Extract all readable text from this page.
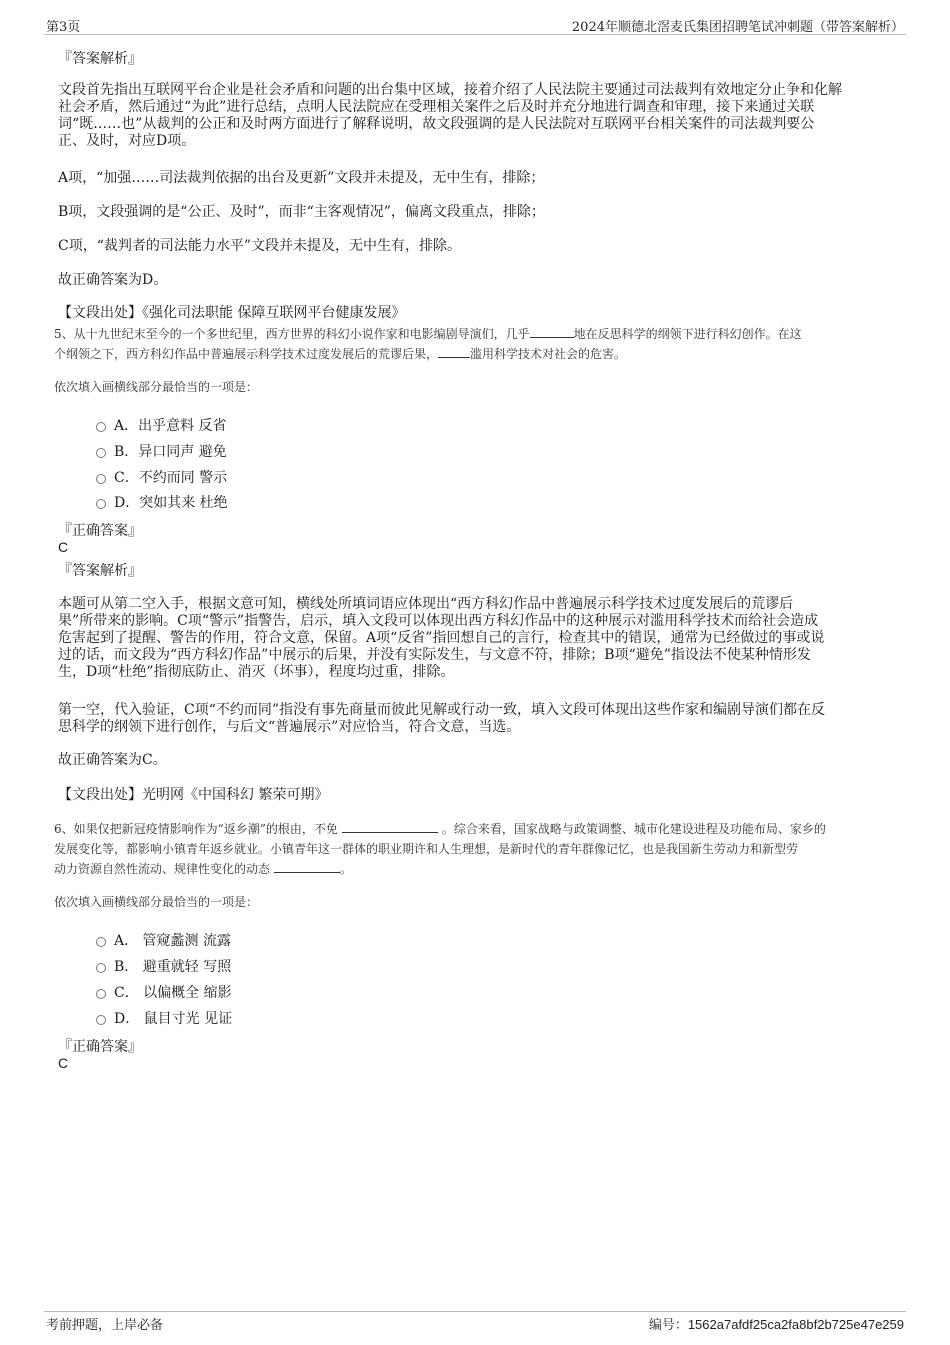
第3页	2024年顺德北滘麦氏集团招聘笔试冲刺题（带答案解析）
『答案解析』
文段首先指出互联网平台企业是社会矛盾和问题的出台集中区域，接着介绍了人民法院主要通过司法裁判有效地定分止争和化解
社会矛盾，然后通过“为此”进行总结，点明人民法院应在受理相关案件之后及时并充分地进行调查和审理，接下来通过关联
词“既……也”从裁判的公正和及时两方面进行了解释说明，故文段强调的是人民法院对互联网平台相关案件的司法裁判要公
正、及时，对应D项。
A项，“加强……司法裁判依据的出台及更新”文段并未提及，无中生有，排除；
B项，文段强调的是“公正、及时”，而非“主客观情况”，偏离文段重点，排除；
C项，“裁判者的司法能力水平”文段并未提及，无中生有，排除。
故正确答案为D。
【文段出处】《强化司法职能 保障互联网平台健康发展》
5、从十九世纪末至今的一个多世纪里，西方世界的科幻小说作家和电影编剧导演们，几乎	地在反思科学的纲领下进行科幻创作。在这
个纲领之下，西方科幻作品中普遍展示科学技术过度发展后的荒谬后果，	滥用科学技术对社会的危害。
依次填入画横线部分最恰当的一项是：
A．出乎意料 反省
B．异口同声 避免
C．不约而同 警示
D．突如其来 杜绝
『正确答案』
C
『答案解析』
本题可从第二空入手，根据文意可知，横线处所填词语应体现出“西方科幻作品中普遍展示科学技术过度发展后的荒谬后
果”所带来的影响。C项“警示”指警告，启示，填入文段可以体现出西方科幻作品中的这种展示对滥用科学技术而给社会造成
危害起到了提醒、警告的作用，符合文意，保留。A项“反省”指回想自己的言行，检查其中的错误，通常为已经做过的事或说
过的话，而文段为“西方科幻作品”中展示的后果，并没有实际发生，与文意不符，排除；B项“避免”指设法不使某种情形发
生，D项“杜绝”指彻底防止、消灭（坏事），程度均过重，排除。
第一空，代入验证，C项“不约而同”指没有事先商量而彼此见解或行动一致，填入文段可体现出这些作家和编剧导演们都在反
思科学的纲领下进行创作，与后文“普遍展示”对应恰当，符合文意，当选。
故正确答案为C。
【文段出处】光明网《中国科幻 繁荣可期》
6、如果仅把新冠疫情影响作为“返乡潮”的根由，不免	。综合来看，国家战略与政策调整、城市化建设进程及功能布局、家乡的
发展变化等，都影响小镇青年返乡就业。小镇青年这一群体的职业期许和人生理想，是新时代的青年群像记忆，也是我国新生劳动力和新型劳
动力资源自然性流动、规律性变化的动态	。
依次填入画横线部分最恰当的一项是：
A． 管窥蠡测 流露
B． 避重就轻 写照
C． 以偏概全 缩影
D． 鼠目寸光 见证
『正确答案』
C
考前押题，上岸必备	编号：1562a7afdf25ca2fa8bf2b725e47e259
